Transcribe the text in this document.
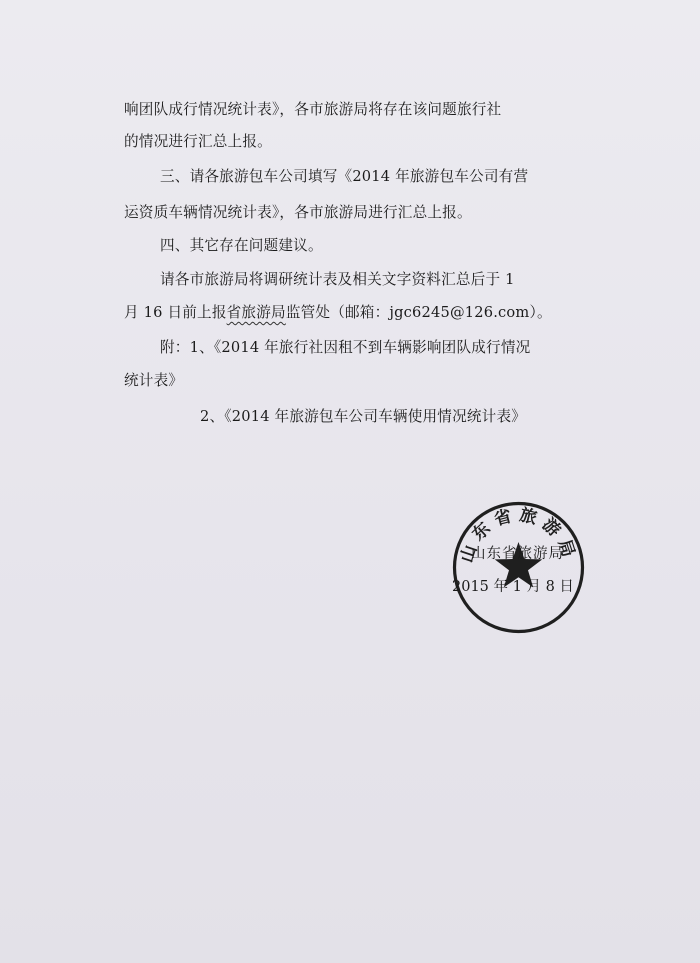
响团队成行情况统计表》，各市旅游局将存在该问题旅行社
的情况进行汇总上报。
三、请各旅游包车公司填写《2014 年旅游包车公司有营
运资质车辆情况统计表》，各市旅游局进行汇总上报。
四、其它存在问题建议。
请各市旅游局将调研统计表及相关文字资料汇总后于 1
月 16 日前上报省旅游局监管处（邮箱：jgc6245@126.com）。
附：1、《2014 年旅行社因租不到车辆影响团队成行情况
统计表》
2、《2014 年旅游包车公司车辆使用情况统计表》
山东省旅游局
山东省旅游局
2015 年 1 月 8 日
